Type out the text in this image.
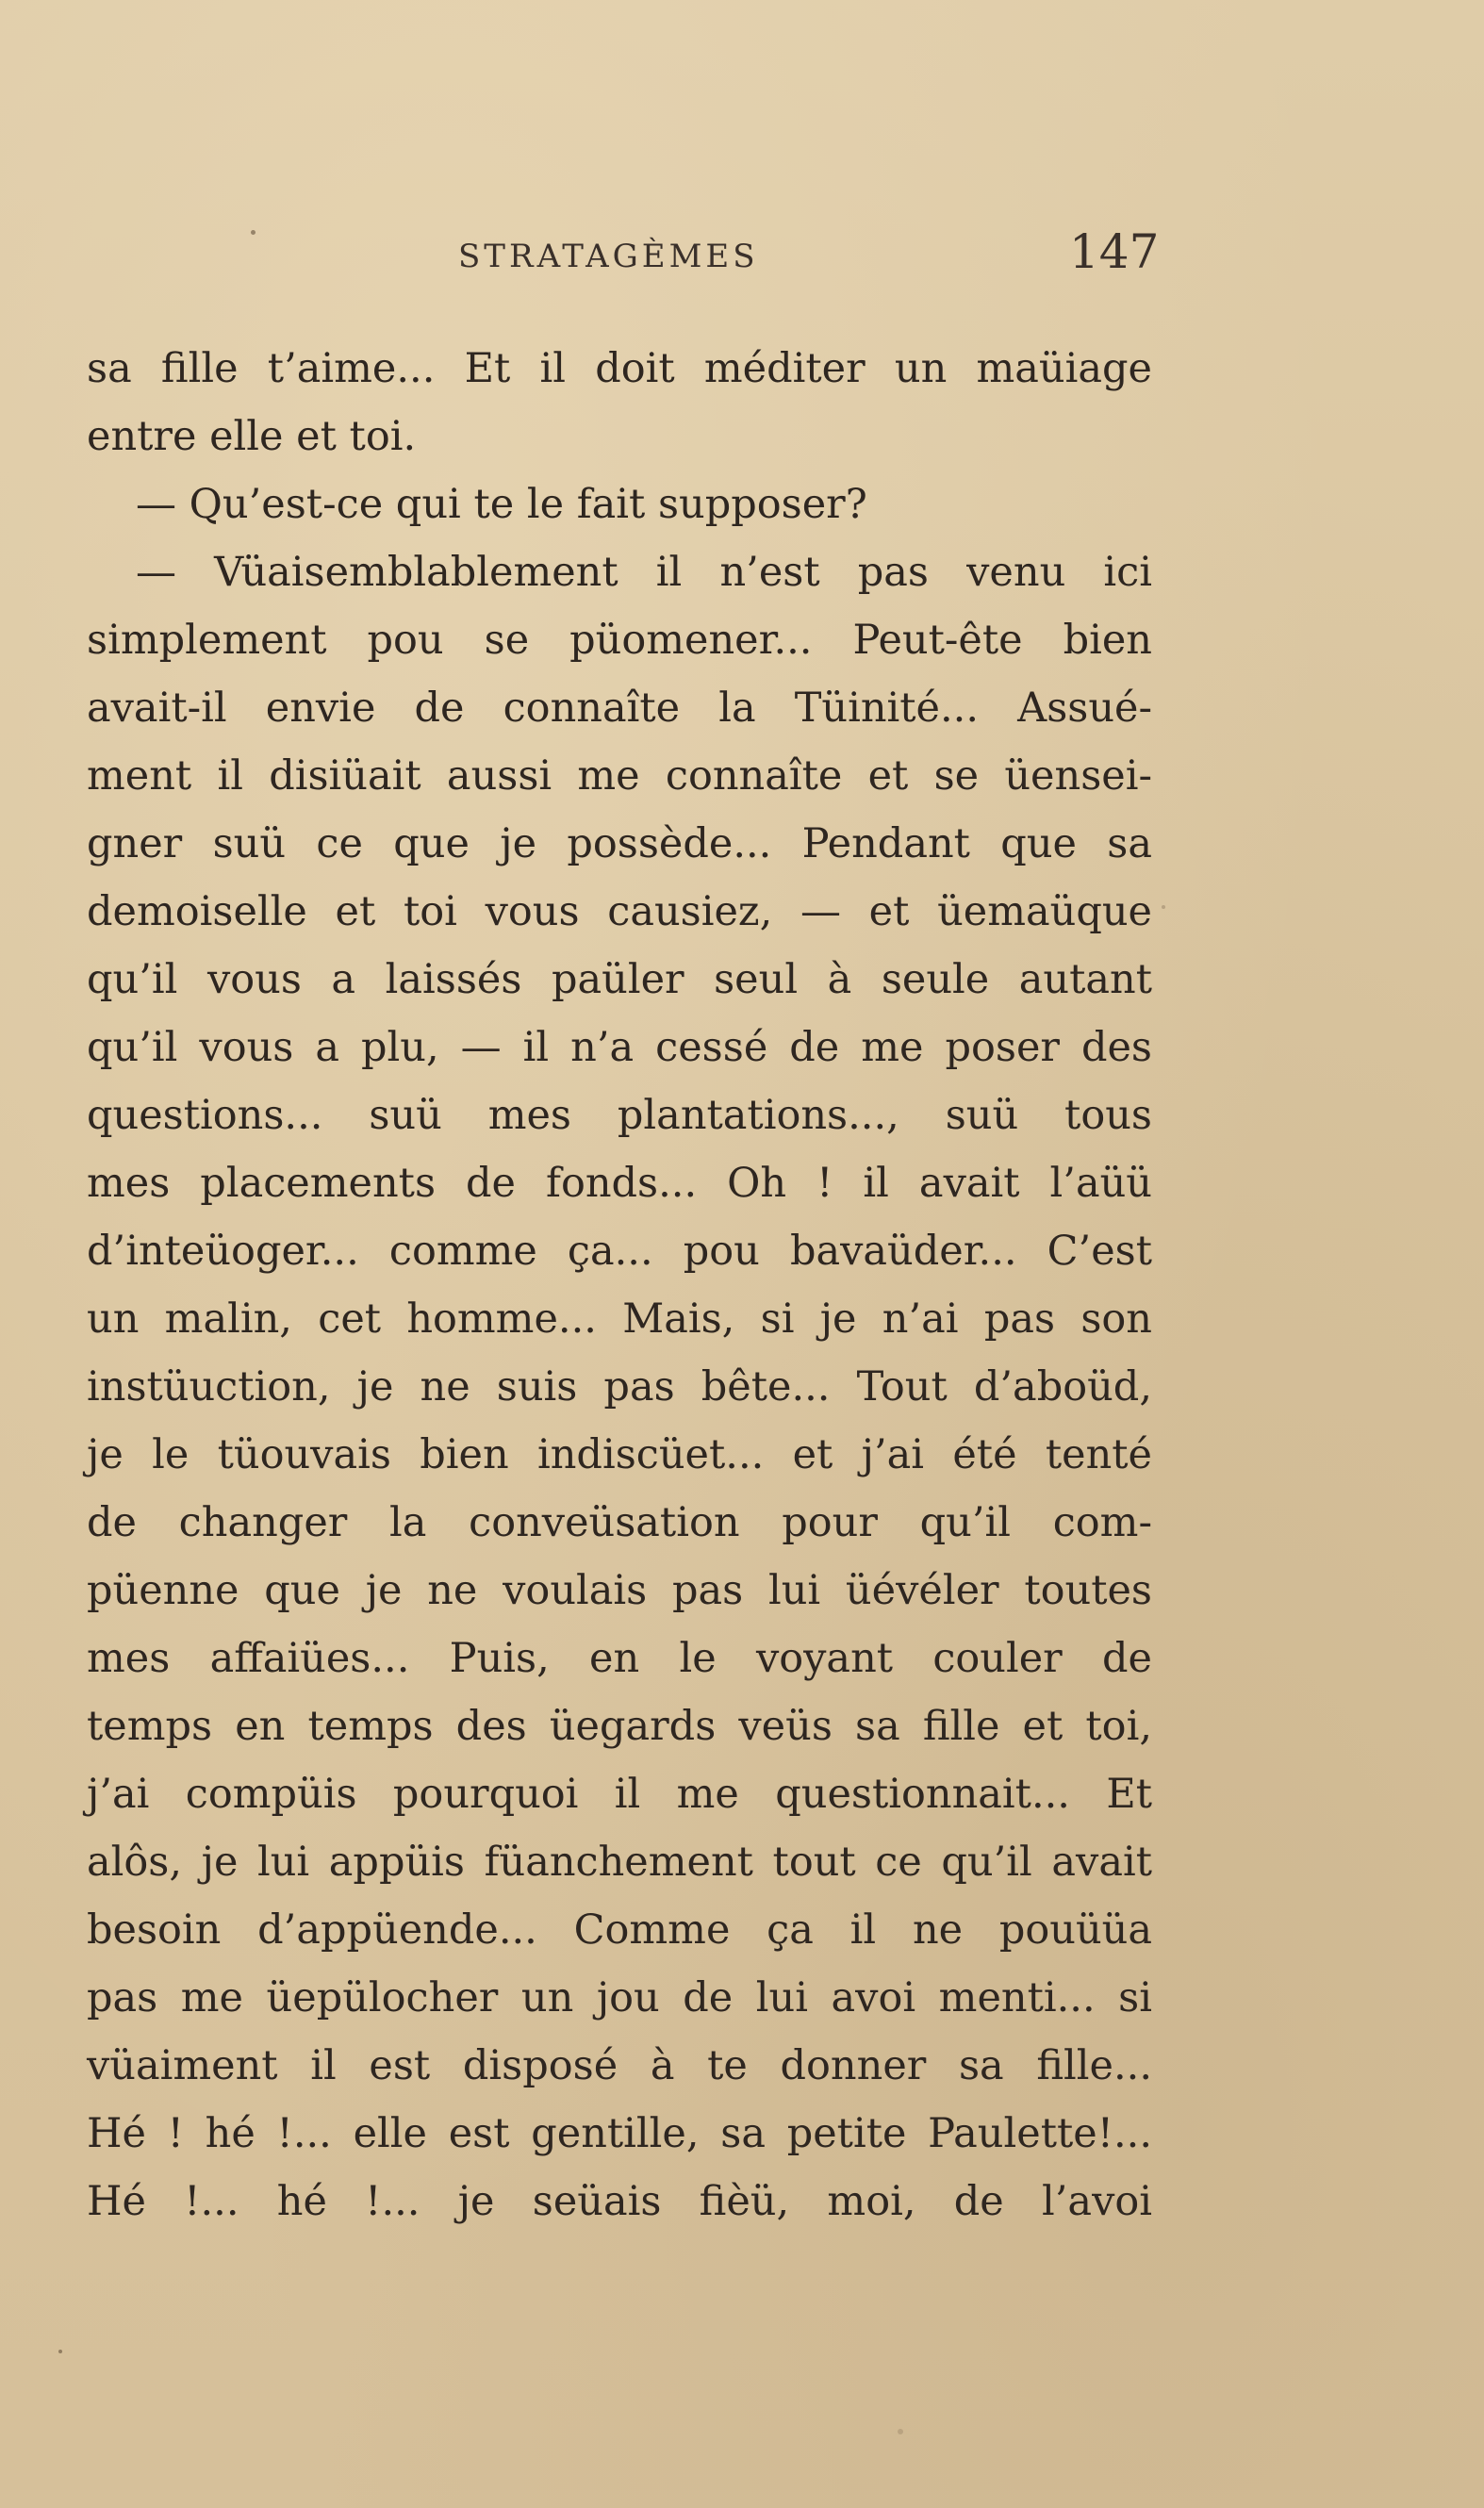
STRATAGÈMES	147
sa fille t’aime... Et il doit méditer un maüiage
entre elle et toi.
— Qu’est-ce qui te le fait supposer?
— Vüaisemblablement il n’est pas venu ici
simplement pou se püomener... Peut-ête bien
avait-il envie de connaîte la Tüinité... Assué-
ment il disiüait aussi me connaîte et se üensei-
gner suü ce que je possède... Pendant que sa
demoiselle et toi vous causiez, — et üemaüque
qu’il vous a laissés paüler seul à seule autant
qu’il vous a plu, — il n’a cessé de me poser des
questions... suü mes plantations..., suü tous
mes placements de fonds... Oh ! il avait l’aüü
d’inteüoger... comme ça... pou bavaüder... C’est
un malin, cet homme... Mais, si je n’ai pas son
instüuction, je ne suis pas bête... Tout d’aboüd,
je le tüouvais bien indiscüet... et j’ai été tenté
de changer la conveüsation pour qu’il com-
püenne que je ne voulais pas lui üévéler toutes
mes affaiües... Puis, en le voyant couler de
temps en temps des üegards veüs sa fille et toi,
j’ai compüis pourquoi il me questionnait... Et
alôs, je lui appüis füanchement tout ce qu’il avait
besoin d’appüende... Comme ça il ne pouüüa
pas me üepülocher un jou de lui avoi menti... si
vüaiment il est disposé à te donner sa fille...
Hé ! hé !... elle est gentille, sa petite Paulette!...
Hé !... hé !... je seüais fièü, moi, de l’avoi
